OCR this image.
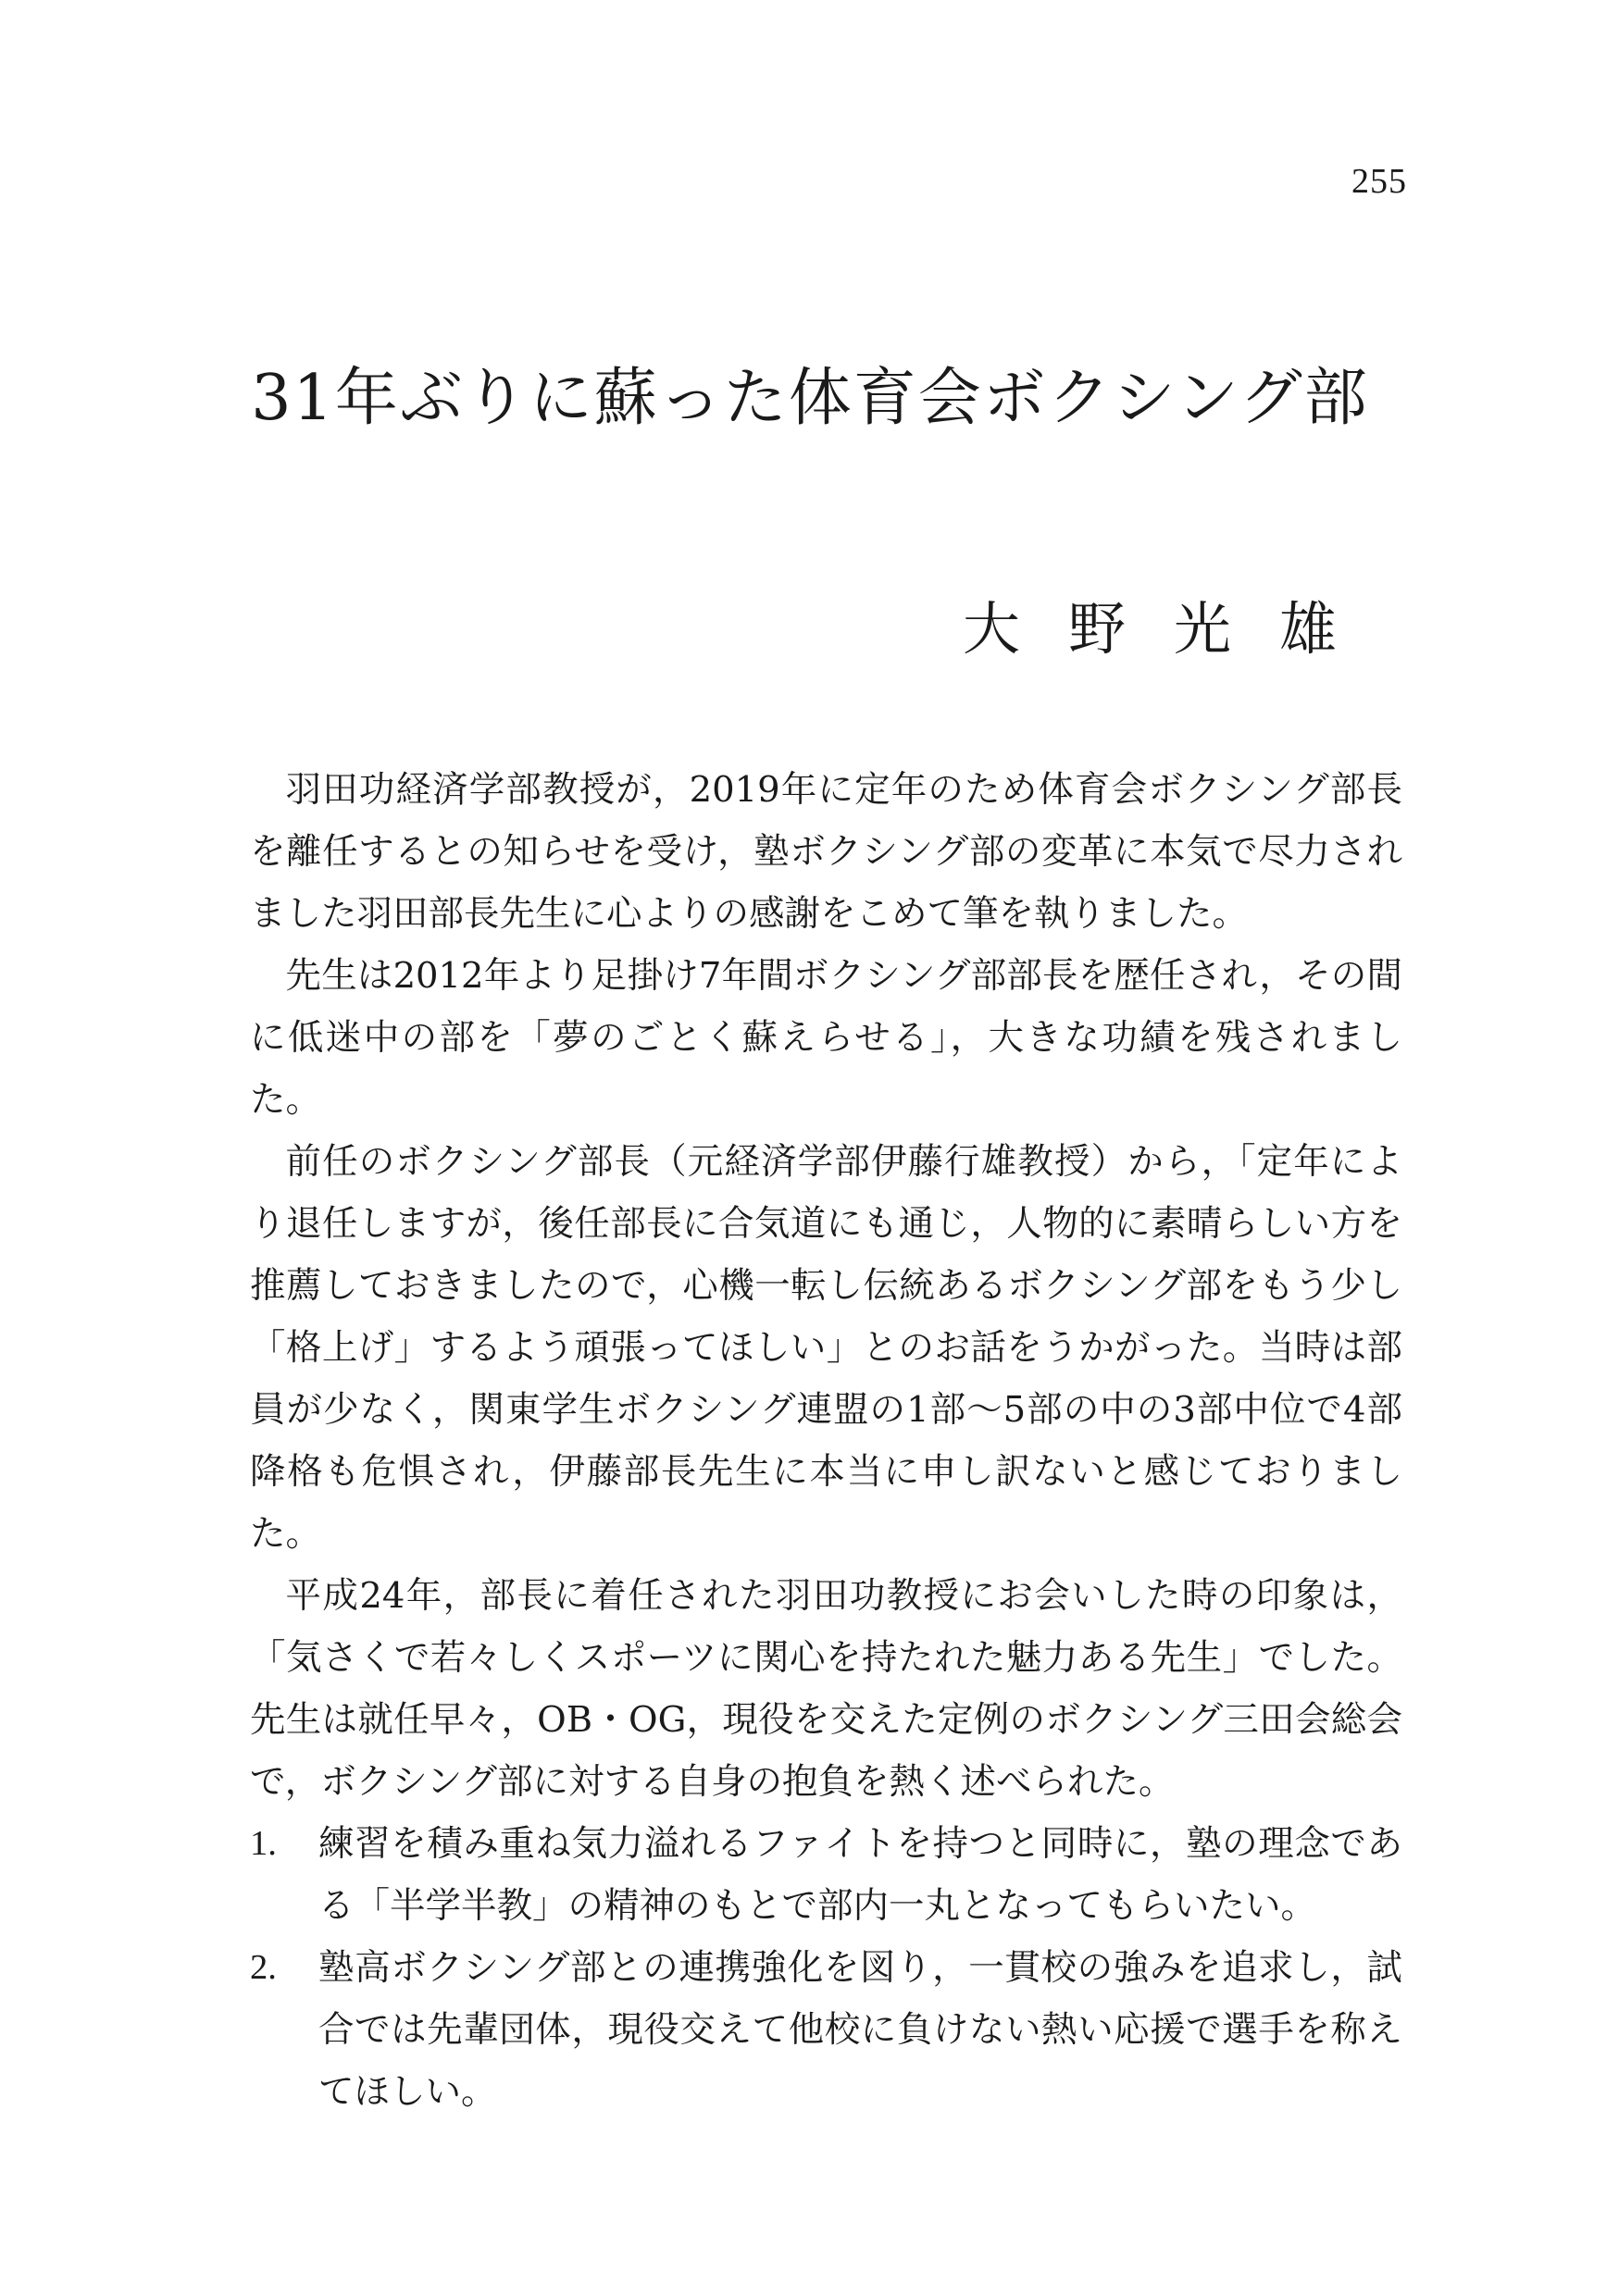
255
31年ぶりに蘇った体育会ボクシング部
大野光雄

羽田功経済学部教授が，2019年に定年のため体育会ボクシング部長を離任するとの知らせを受け，塾ボクシング部の変革に本気で尽力されました羽田部長先生に心よりの感謝をこめて筆を執りました。

先生は2012年より足掛け7年間ボクシング部部長を歴任され，その間に低迷中の部を「夢のごとく蘇えらせる」，大きな功績を残されました。

前任のボクシング部長（元経済学部伊藤行雄教授）から，「定年により退任しますが，後任部長に合気道にも通じ，人物的に素晴らしい方を推薦しておきましたので，心機一転し伝統あるボクシング部をもう少し「格上げ」するよう頑張ってほしい」とのお話をうかがった。当時は部員が少なく，関東学生ボクシング連盟の1部～5部の中の3部中位で4部降格も危惧され，伊藤部長先生に本当に申し訳ないと感じておりました。

平成24年，部長に着任された羽田功教授にお会いした時の印象は，「気さくで若々しくスポーツに関心を持たれた魅力ある先生」でした。先生は就任早々，OB・OG，現役を交えた定例のボクシング三田会総会で，ボクシング部に対する自身の抱負を熱く述べられた。

1.	練習を積み重ね気力溢れるファイトを持つと同時に，塾の理念である「半学半教」の精神のもとで部内一丸となってもらいたい。
2.	塾高ボクシング部との連携強化を図り，一貫校の強みを追求し，試合では先輩団体，現役交えて他校に負けない熱い応援で選手を称えてほしい。
